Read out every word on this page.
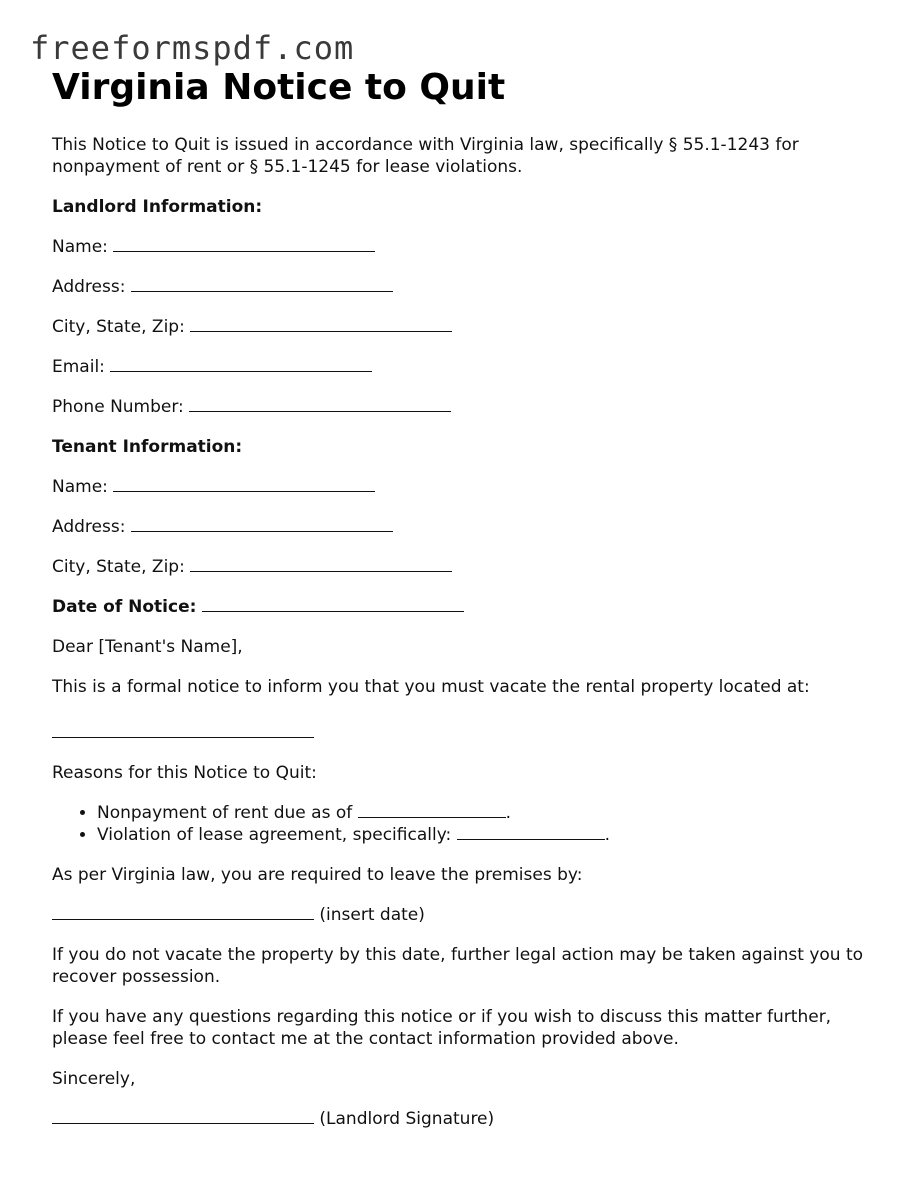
freeformspdf.com
Virginia Notice to Quit

This Notice to Quit is issued in accordance with Virginia law, specifically § 55.1-1243 for nonpayment of rent or § 55.1-1245 for lease violations.

Landlord Information:

Name:

Address:

City, State, Zip:

Email:

Phone Number:

Tenant Information:

Name:

Address:

City, State, Zip:

Date of Notice:

Dear [Tenant's Name],

This is a formal notice to inform you that you must vacate the rental property located at:

Reasons for this Notice to Quit:

• Nonpayment of rent due as of	.
• Violation of lease agreement, specifically:	.

As per Virginia law, you are required to leave the premises by:

(insert date)

If you do not vacate the property by this date, further legal action may be taken against you to recover possession.

If you have any questions regarding this notice or if you wish to discuss this matter further, please feel free to contact me at the contact information provided above.

Sincerely,

(Landlord Signature)
